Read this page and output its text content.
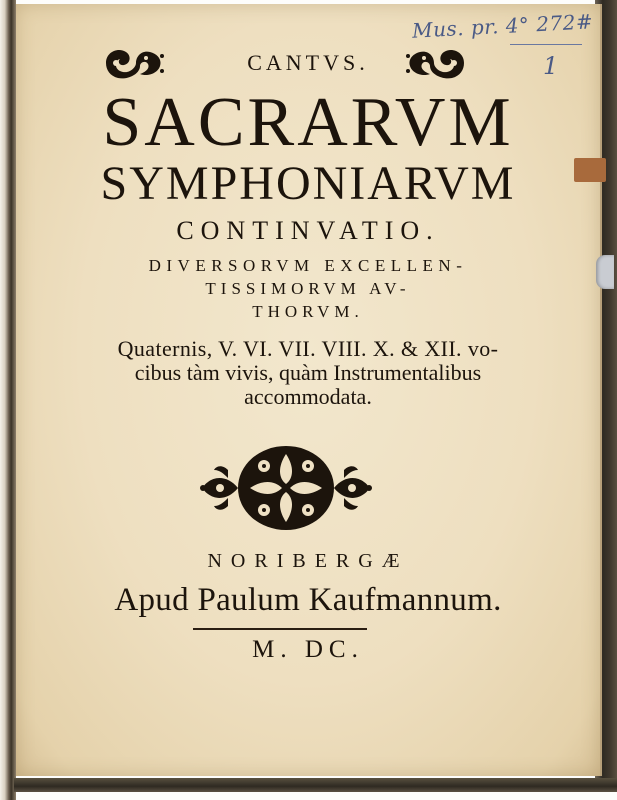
Mus. pr. 4° 272#
1
CANTVS.
SACRARVM
SYMPHONIARVM
CONTINVATIO.
DIVERSORVM EXCELLEN-
TISSIMORVM AV-
THORVM.
Quaternis, V. VI. VII. VIII. X. & XII. vo-
cibus tàm vivis, quàm Instrumentalibus
accommodata.
NORIBERGÆ
Apud Paulum Kaufmannum.
M. DC.
